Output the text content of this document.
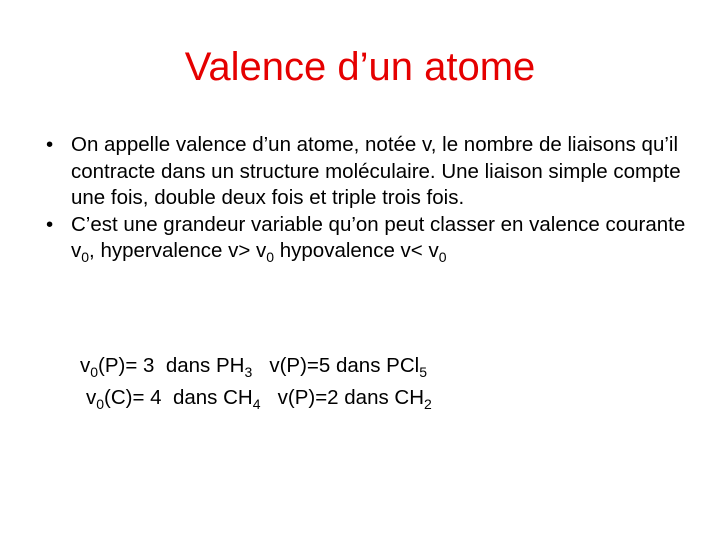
Valence d’un atome
• On appelle valence d’un atome, notée v, le nombre de liaisons qu’il contracte dans un structure moléculaire. Une liaison simple compte une fois, double deux fois et triple trois fois.
• C’est une grandeur variable qu’on peut classer en valence courante $v_0$, hypervalence $v> v_0$ hypovalence $v< v_0$
$v_0(P)= 3$  dans $PH_3$   v(P)=5 dans PCl$_5$
$v_0(C)= 4$  dans $CH_4$   v(P)=2 dans $CH_2$
